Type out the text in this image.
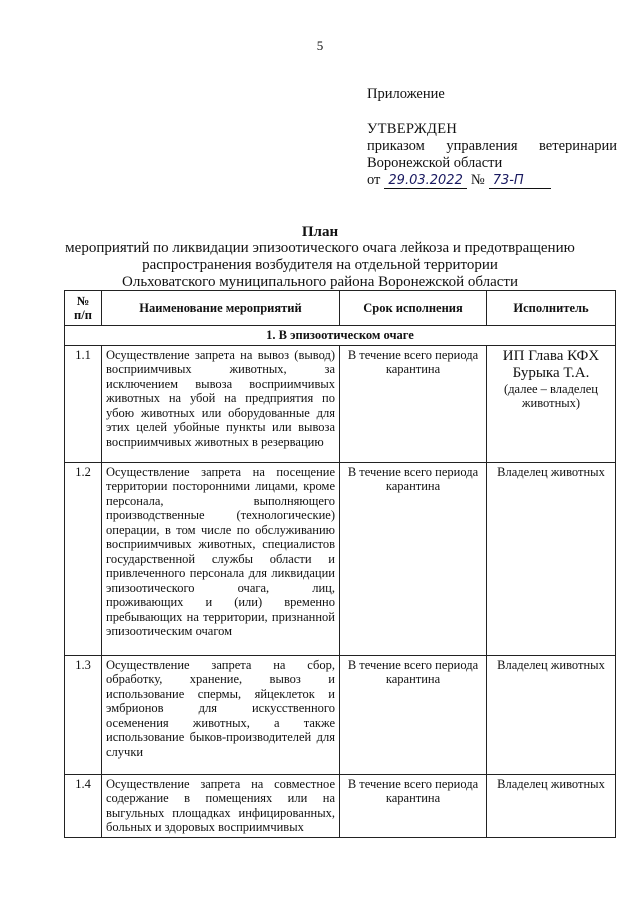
5
Приложение
УТВЕРЖДЕН
приказом управления ветеринарии
Воронежской области
от 29.03.2022 № 73-П
План
мероприятий по ликвидации эпизоотического очага лейкоза и предотвращению
распространения возбудителя на отдельной территории
Ольховатского муниципального района Воронежской области
№
п/п	Наименование мероприятий	Срок исполнения	Исполнитель
1. В эпизоотическом очаге			
1.1	Осуществление запрета на вывоз (вывод) восприимчивых животных, за исключением вывоза восприимчивых животных на убой на предприятия по убою животных или оборудованные для этих целей убойные пункты или вывоза восприимчивых животных в резервацию	В течение всего периода карантина	ИП Глава КФХ Бурыка Т.А.
(далее – владелец животных)

1.2	Осуществление запрета на посещение территории посторонними лицами, кроме персонала, выполняющего производственные (технологические) операции, в том числе по обслуживанию восприимчивых животных, специалистов государственной службы области и привлеченного персонала для ликвидации эпизоотического очага, лиц, проживающих и (или) временно пребывающих на территории, признанной эпизоотическим очагом	В течение всего периода карантина	Владелец животных
1.3	Осуществление запрета на сбор, обработку, хранение, вывоз и использование спермы, яйцеклеток и эмбрионов для искусственного осеменения животных, а также использование быков-производителей для случки	В течение всего периода карантина	Владелец животных
1.4	Осуществление запрета на совместное содержание в помещениях или на выгульных площадках инфицированных, больных и здоровых восприимчивых	В течение всего периода карантина	Владелец животных
